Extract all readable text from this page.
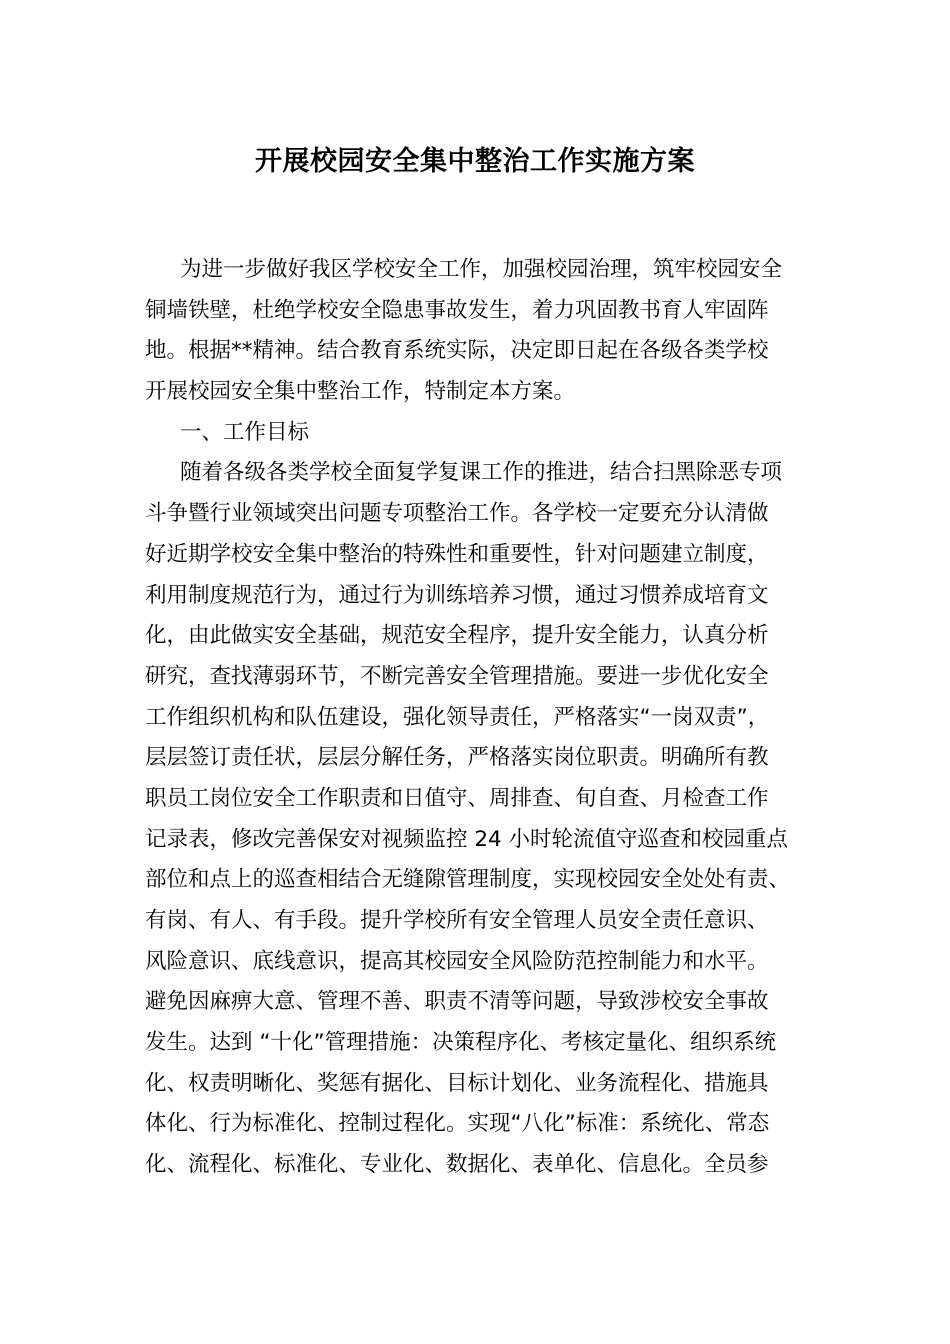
开展校园安全集中整治工作实施方案
为进一步做好我区学校安全工作，加强校园治理，筑牢校园安全
铜墙铁壁，杜绝学校安全隐患事故发生，着力巩固教书育人牢固阵
地。根据**精神。结合教育系统实际，决定即日起在各级各类学校
开展校园安全集中整治工作，特制定本方案。
一、工作目标
随着各级各类学校全面复学复课工作的推进，结合扫黑除恶专项
斗争暨行业领域突出问题专项整治工作。各学校一定要充分认清做
好近期学校安全集中整治的特殊性和重要性，针对问题建立制度，
利用制度规范行为，通过行为训练培养习惯，通过习惯养成培育文
化，由此做实安全基础，规范安全程序，提升安全能力，认真分析
研究，查找薄弱环节，不断完善安全管理措施。要进一步优化安全
工作组织机构和队伍建设，强化领导责任，严格落实“一岗双责”，
层层签订责任状，层层分解任务，严格落实岗位职责。明确所有教
职员工岗位安全工作职责和日值守、周排查、旬自查、月检查工作
记录表，修改完善保安对视频监控 24 小时轮流值守巡查和校园重点
部位和点上的巡查相结合无缝隙管理制度，实现校园安全处处有责、
有岗、有人、有手段。提升学校所有安全管理人员安全责任意识、
风险意识、底线意识，提高其校园安全风险防范控制能力和水平。
避免因麻痹大意、管理不善、职责不清等问题，导致涉校安全事故
发生。达到 “十化”管理措施：决策程序化、考核定量化、组织系统
化、权责明晰化、奖惩有据化、目标计划化、业务流程化、措施具
体化、行为标准化、控制过程化。实现“八化”标准：系统化、常态
化、流程化、标准化、专业化、数据化、表单化、信息化。全员参
